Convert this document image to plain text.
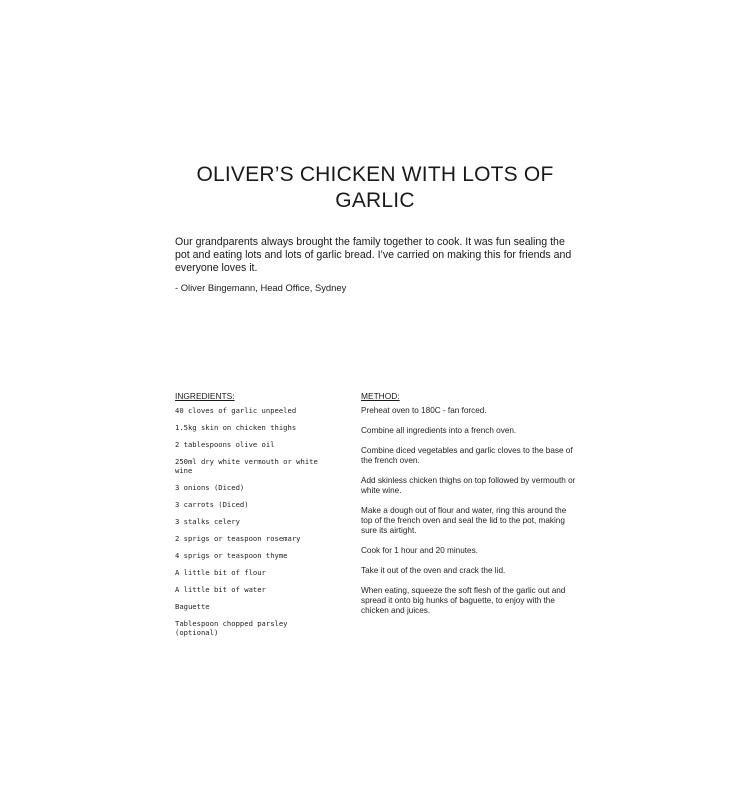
OLIVER’S CHICKEN WITH LOTS OF GARLIC

Our grandparents always brought the family together to cook. It was fun sealing the pot and eating lots and lots of garlic bread. I’ve carried on making this for friends and everyone loves it.

- Oliver Bingemann, Head Office, Sydney

INGREDIENTS:
40 cloves of garlic unpeeled
1.5kg skin on chicken thighs
2 tablespoons olive oil
250ml dry white vermouth or white wine
3 onions (Diced)
3 carrots (Diced)
3 stalks celery
2 sprigs or teaspoon rosemary
4 sprigs or teaspoon thyme
A little bit of flour
A little bit of water
Baguette
Tablespoon chopped parsley (optional)
METHOD:
Preheat oven to 180C - fan forced.
Combine all ingredients into a french oven.
Combine diced vegetables and garlic cloves to the base of the french oven.
Add skinless chicken thighs on top followed by vermouth or white wine.
Make a dough out of flour and water, ring this around the top of the french oven and seal the lid to the pot, making sure its airtight.
Cook for 1 hour and 20 minutes.
Take it out of the oven and crack the lid.
When eating, squeeze the soft flesh of the garlic out and spread it onto big hunks of baguette, to enjoy with the chicken and juices.
